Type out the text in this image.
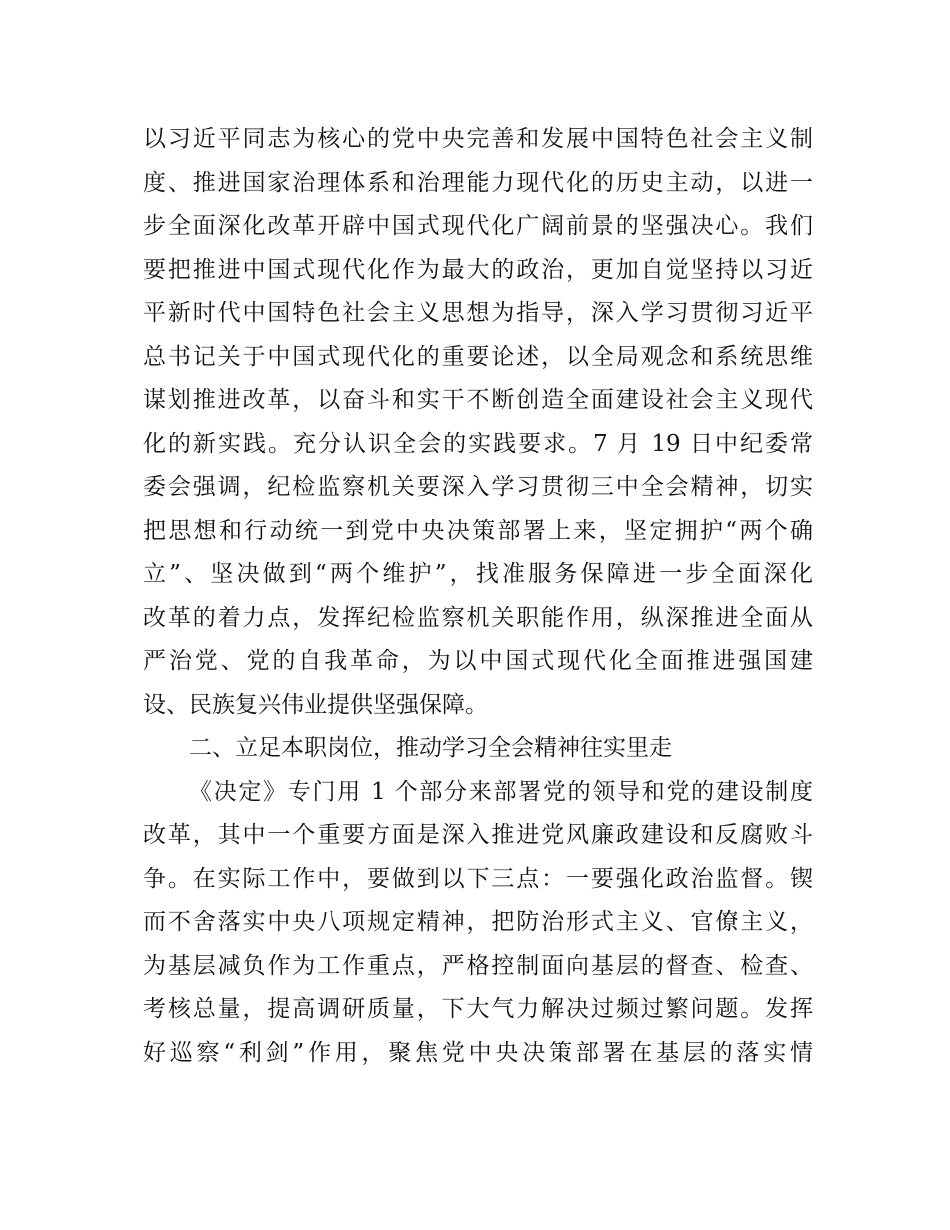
以习近平同志为核心的党中央完善和发展中国特色社会主义制
度、推进国家治理体系和治理能力现代化的历史主动，以进一
步全面深化改革开辟中国式现代化广阔前景的坚强决心。我们
要把推进中国式现代化作为最大的政治，更加自觉坚持以习近
平新时代中国特色社会主义思想为指导，深入学习贯彻习近平
总书记关于中国式现代化的重要论述，以全局观念和系统思维
谋划推进改革，以奋斗和实干不断创造全面建设社会主义现代
化的新实践。充分认识全会的实践要求。7 月 19 日中纪委常
委会强调，纪检监察机关要深入学习贯彻三中全会精神，切实
把思想和行动统一到党中央决策部署上来，坚定拥护“两个确
立”、坚决做到“两个维护”，找准服务保障进一步全面深化
改革的着力点，发挥纪检监察机关职能作用，纵深推进全面从
严治党、党的自我革命，为以中国式现代化全面推进强国建
设、民族复兴伟业提供坚强保障。
二、立足本职岗位，推动学习全会精神往实里走
《决定》专门用 1 个部分来部署党的领导和党的建设制度
改革，其中一个重要方面是深入推进党风廉政建设和反腐败斗
争。在实际工作中，要做到以下三点：一要强化政治监督。锲
而不舍落实中央八项规定精神，把防治形式主义、官僚主义，
为基层减负作为工作重点，严格控制面向基层的督查、检查、
考核总量，提高调研质量，下大气力解决过频过繁问题。发挥
好巡察“利剑”作用，聚焦党中央决策部署在基层的落实情
